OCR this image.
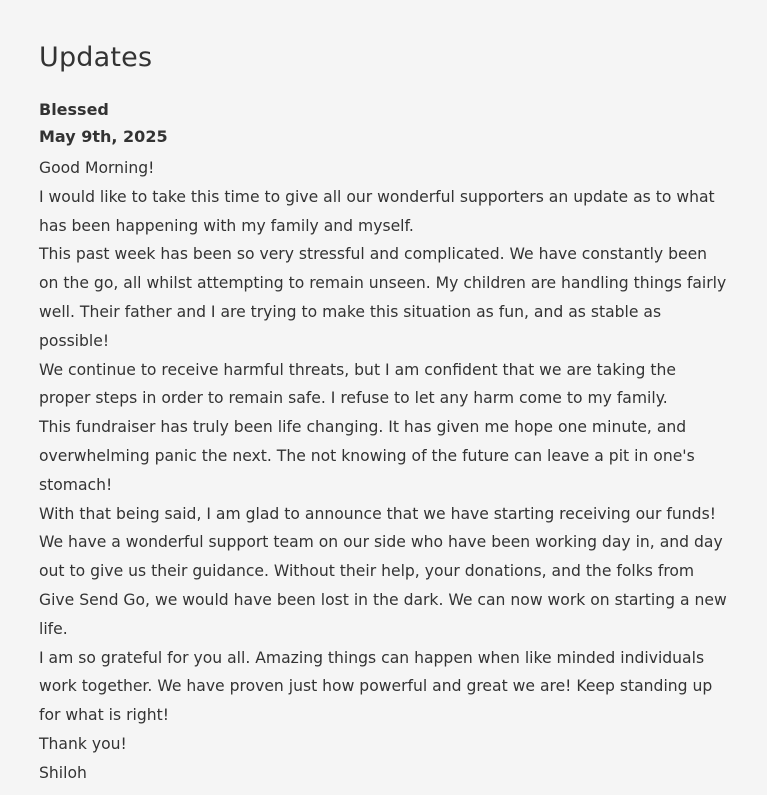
Updates
Blessed
May 9th, 2025

Good Morning!

I would like to take this time to give all our wonderful supporters an update as to what has been happening with my family and myself.

This past week has been so very stressful and complicated. We have constantly been on the go, all whilst attempting to remain unseen. My children are handling things fairly well. Their father and I are trying to make this situation as fun, and as stable as possible!

We continue to receive harmful threats, but I am confident that we are taking the proper steps in order to remain safe. I refuse to let any harm come to my family.

This fundraiser has truly been life changing. It has given me hope one minute, and overwhelming panic the next. The not knowing of the future can leave a pit in one's stomach!

With that being said, I am glad to announce that we have starting receiving our funds! We have a wonderful support team on our side who have been working day in, and day out to give us their guidance. Without their help, your donations, and the folks from Give Send Go, we would have been lost in the dark. We can now work on starting a new life.

I am so grateful for you all. Amazing things can happen when like minded individuals work together. We have proven just how powerful and great we are! Keep standing up for what is right!

Thank you!

Shiloh
